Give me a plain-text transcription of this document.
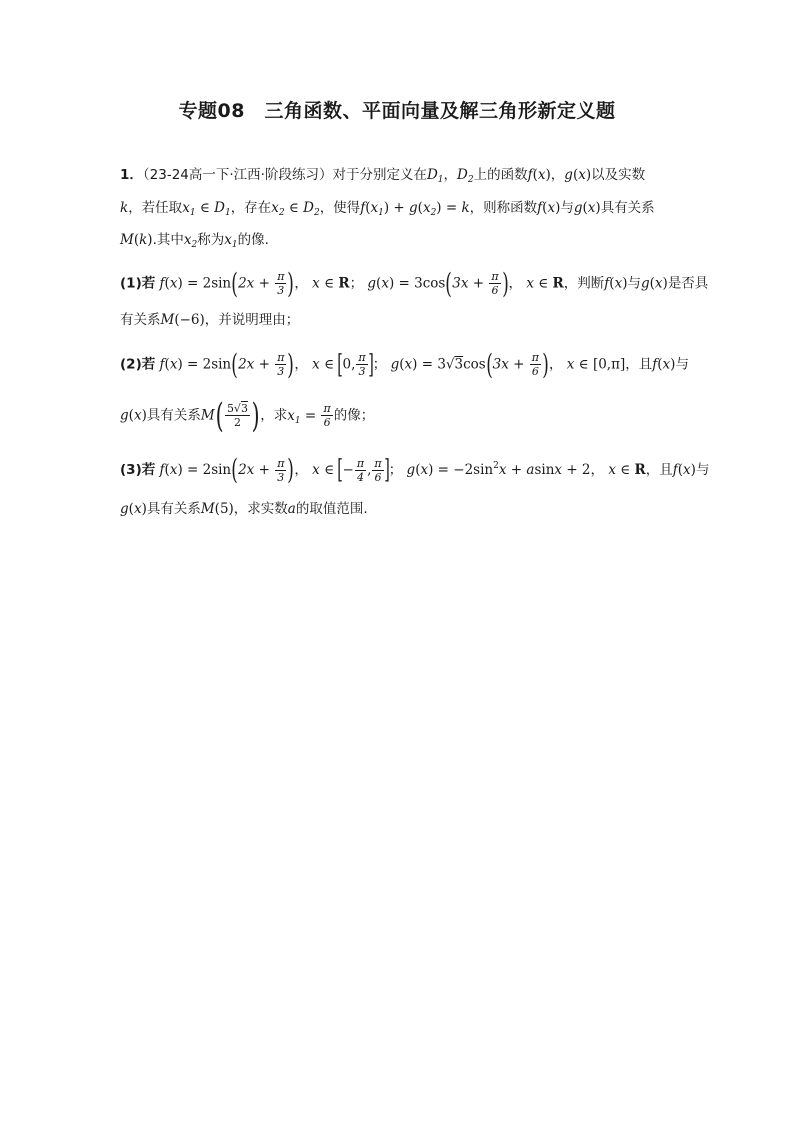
专题08　三角函数、平面向量及解三角形新定义题
1．（23-24高一下·江西·阶段练习）对于分别定义在$D_1$，$D_2$上的函数f(x)，g(x)以及实数
k，若任取$x_1$ ∈ $D_1$，存在$x_2$ ∈ $D_2$，使得$f(x_1) + g(x_2) = k$，则称函数f(x)与g(x)具有关系
M(k).其中$x_2$称为$x_1$的像.
(1)若 $f(x) = 2\sin(2x + \frac{\pi}{3}$ )， x ∈ R； $g(x) = 3\cos(3x + \frac{\pi}{6}$ )， x ∈ R，判断f(x)与g(x)是否具
有关系M(−6)，并说明理由；
(2)若 $f(x) = 2\sin(2x + \frac{\pi}{3}$ )， x ∈ [0, $\frac{\pi}{3}$ ]； $g(x) = 3√3\cos(3x + \frac{\pi}{6}$ )， x ∈ [0,π]，且f(x)与
g(x)具有关系$M( \frac{5√3}{2}$ )，求$x_1 = \frac{\pi}{6}$ 的像；
(3)若 $f(x) = 2\sin(2x + \frac{\pi}{3}$ )， x ∈ [− $\frac{\pi}{4}$ , $\frac{\pi}{6}$ ]； $g(x) = -2\sin^2x + asinx + 2$， x ∈ R，且f(x)与
g(x)具有关系M(5)，求实数a的取值范围.
